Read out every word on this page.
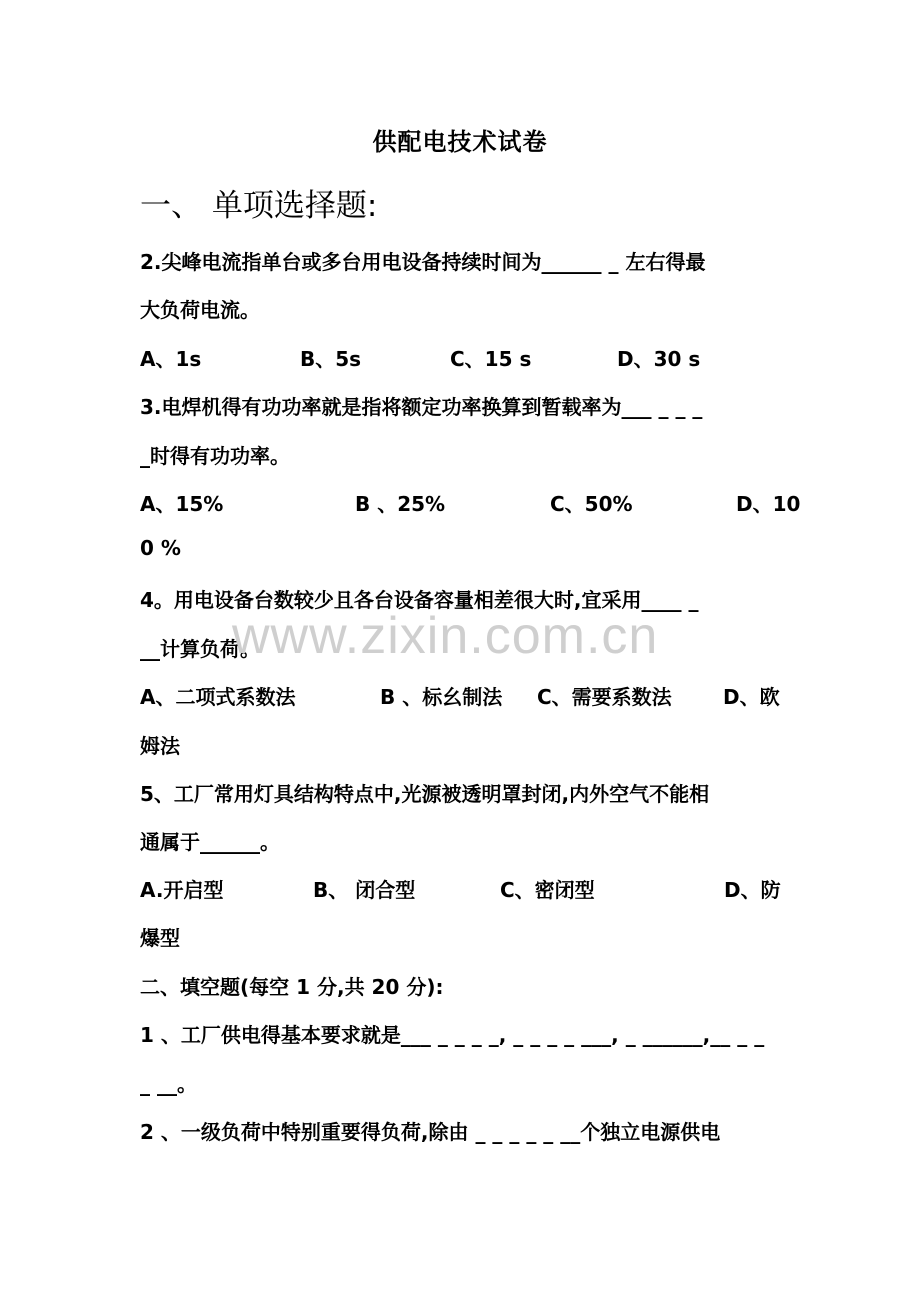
供配电技术试卷
一、 单项选择题:
2.尖峰电流指单台或多台用电设备持续时间为______ _ 左右得最
大负荷电流。
A、1s	B、5s	C、15 s	D、30 s
3.电焊机得有功功率就是指将额定功率换算到暂载率为___ _ _ _
_时得有功功率。
A、15%	B 、25%	C、50%	D、10
0 %
4。用电设备台数较少且各台设备容量相差很大时,宜采用____ _
__计算负荷。
A、二项式系数法	B 、标幺制法 C、需要系数法	D、欧
姆法
5、工厂常用灯具结构特点中,光源被透明罩封闭,内外空气不能相
通属于______。
A.开启型	B、 闭合型	C、密闭型	D、防
爆型
二、填空题(每空 1 分,共 20 分):
1 、工厂供电得基本要求就是___ _ _ _ _, _ _ _ _ ___, _ ______,__ _ _
_ __。
2 、一级负荷中特别重要得负荷,除由 _ _ _ _ _ __个独立电源供电
www.zixin.com.cn
